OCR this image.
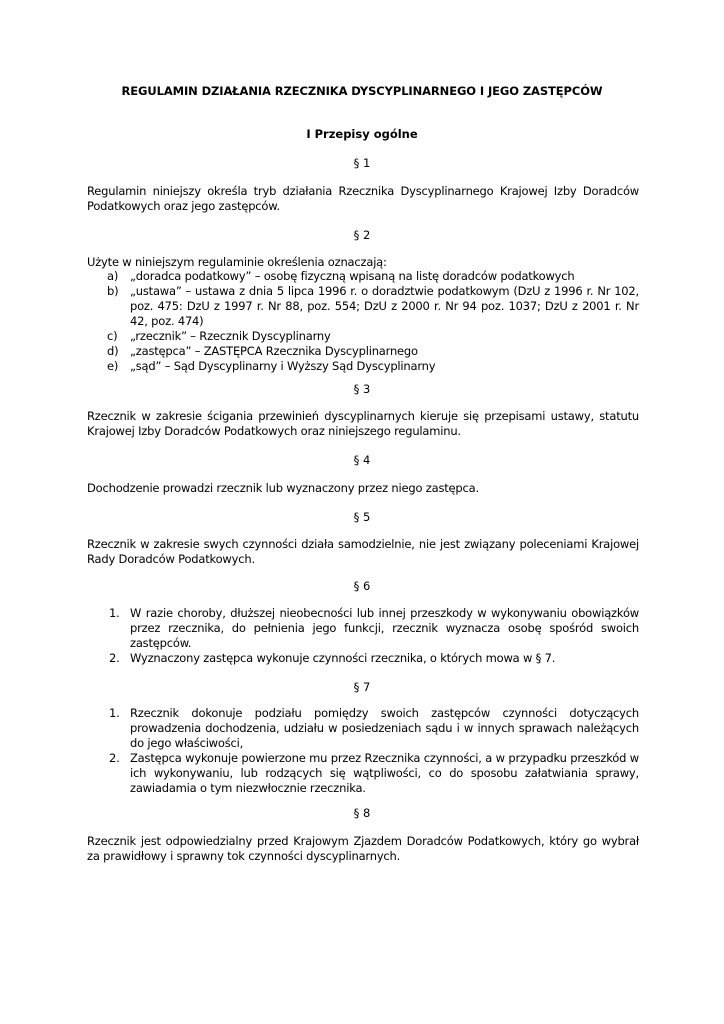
REGULAMIN DZIAŁANIA RZECZNIKA DYSCYPLINARNEGO I JEGO ZASTĘPCÓW
I Przepisy ogólne
§ 1
Regulamin niniejszy określa tryb działania Rzecznika Dyscyplinarnego Krajowej Izby Doradców Podatkowych oraz jego zastępców.
§ 2
Użyte w niniejszym regulaminie określenia oznaczają:
a) „doradca podatkowy” – osobę fizyczną wpisaną na listę doradców podatkowych
b) „ustawa” – ustawa z dnia 5 lipca 1996 r. o doradztwie podatkowym (DzU z 1996 r. Nr 102, poz. 475: DzU z 1997 r. Nr 88, poz. 554; DzU z 2000 r. Nr 94 poz. 1037; DzU z 2001 r. Nr 42, poz. 474)
c) „rzecznik” – Rzecznik Dyscyplinarny
d) „zastępca” – ZASTĘPCA Rzecznika Dyscyplinarnego
e) „sąd” – Sąd Dyscyplinarny i Wyższy Sąd Dyscyplinarny
§ 3
Rzecznik w zakresie ścigania przewinień dyscyplinarnych kieruje się przepisami ustawy, statutu Krajowej Izby Doradców Podatkowych oraz niniejszego regulaminu.
§ 4
Dochodzenie prowadzi rzecznik lub wyznaczony przez niego zastępca.
§ 5
Rzecznik w zakresie swych czynności działa samodzielnie, nie jest związany poleceniami Krajowej Rady Doradców Podatkowych.
§ 6
1. W razie choroby, dłuższej nieobecności lub innej przeszkody w wykonywaniu obowiązków przez rzecznika, do pełnienia jego funkcji, rzecznik wyznacza osobę spośród swoich zastępców.
2. Wyznaczony zastępca wykonuje czynności rzecznika, o których mowa w § 7.
§ 7
1. Rzecznik dokonuje podziału pomiędzy swoich zastępców czynności dotyczących prowadzenia dochodzenia, udziału w posiedzeniach sądu i w innych sprawach należących do jego właściwości,
2. Zastępca wykonuje powierzone mu przez Rzecznika czynności, a w przypadku przeszkód w ich wykonywaniu, lub rodzących się wątpliwości, co do sposobu załatwiania sprawy, zawiadamia o tym niezwłocznie rzecznika.
§ 8
Rzecznik jest odpowiedzialny przed Krajowym Zjazdem Doradców Podatkowych, który go wybrał za prawidłowy i sprawny tok czynności dyscyplinarnych.
